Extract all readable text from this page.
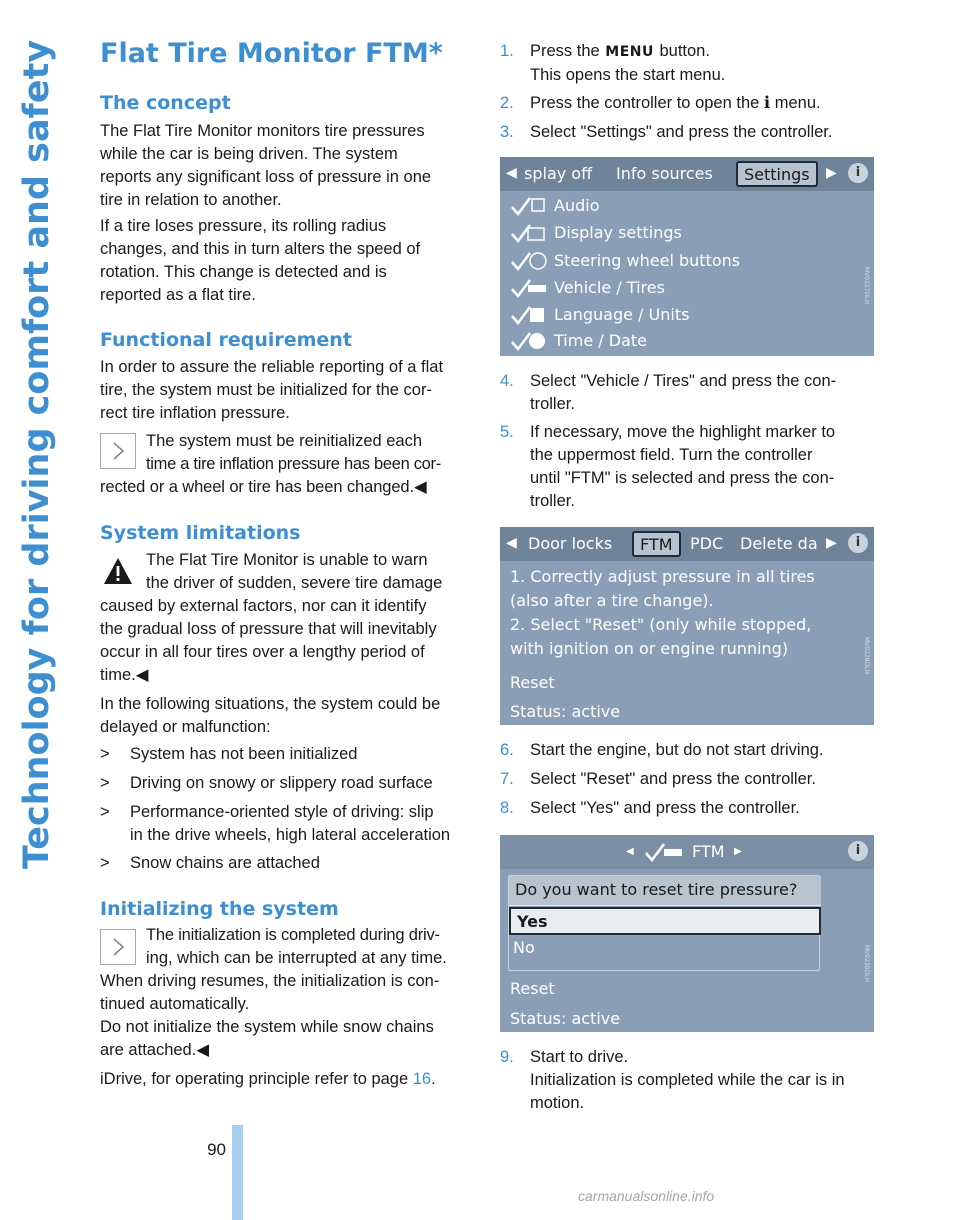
Technology for driving comfort and safety Flat Tire Monitor FTM*
The concept
The Flat Tire Monitor monitors tire pressures
while the car is being driven. The system
reports any significant loss of pressure in one
tire in relation to another.
If a tire loses pressure, its rolling radius
changes, and this in turn alters the speed of
rotation. This change is detected and is
reported as a flat tire.
Functional requirement
In order to assure the reliable reporting of a flat
tire, the system must be initialized for the cor-
rect tire inflation pressure.
The system must be reinitialized each
time a tire inflation pressure has been cor-
rected or a wheel or tire has been changed.◀
System limitations
The Flat Tire Monitor is unable to warn
the driver of sudden, severe tire damage
caused by external factors, nor can it identify
the gradual loss of pressure that will inevitably
occur in all four tires over a lengthy period of
time.◀
In the following situations, the system could be
delayed or malfunction:
> System has not been initialized
> Driving on snowy or slippery road surface
> Performance-oriented style of driving: slip
in the drive wheels, high lateral acceleration
> Snow chains are attached
Initializing the system
The initialization is completed during driv-
ing, which can be interrupted at any time.
When driving resumes, the initialization is con-
tinued automatically.
Do not initialize the system while snow chains
are attached.◀
iDrive, for operating principle refer to page 16.
1. Press the MENU button.
This opens the start menu.
2. Press the controller to open the ℹ menu.
3. Select "Settings" and press the controller.
◀ splay off Info sources	Settings	▶	i
Audio
Display settings
Steering wheel buttons
Vehicle / Tires
Language / Units
Time / Date
MV0227DLH
4. Select "Vehicle / Tires" and press the con-
troller.
5. If necessary, move the highlight marker to
the uppermost field. Turn the controller
until "FTM" is selected and press the con-
troller.
◀ Door locks	FTM	PDC Delete da ▶	i
1. Correctly adjust pressure in all tires
(also after a tire change).
2. Select "Reset" (only while stopped,
with ignition on or engine running)
Reset
Status: active
MV0229DLH
6. Start the engine, but do not start driving.
7. Select "Reset" and press the controller.
8. Select "Yes" and press the controller.
◀	FTM ▶	i
Do you want to reset tire pressure?
Yes
No
Reset
Status: active
MV0230DLH
9. Start to drive.
Initialization is completed while the car is in
motion.
90
carmanualsonline.info
